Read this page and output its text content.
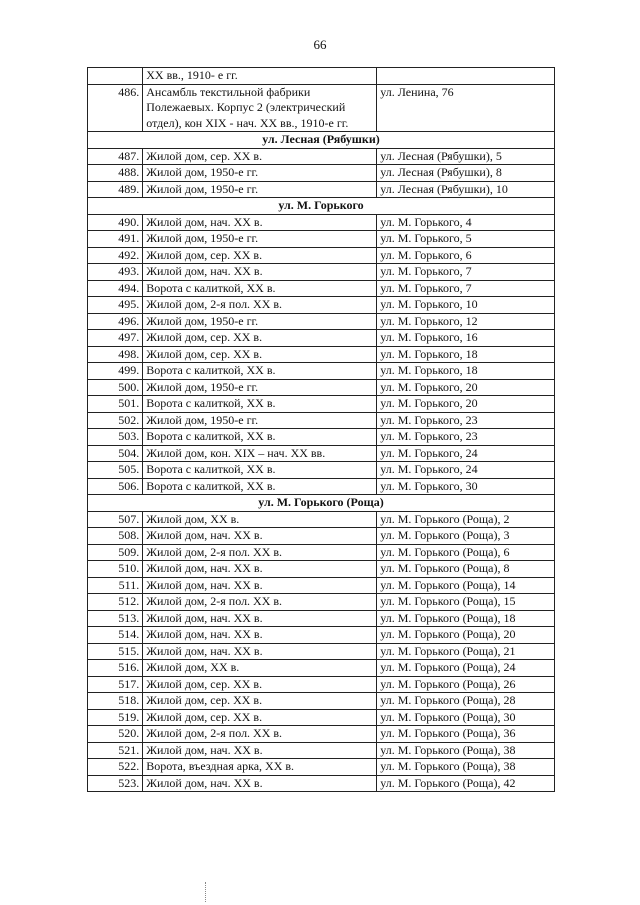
66
	XX вв., 1910- е гг.	
486.	Ансамбль текстильной фабрики Полежаевых. Корпус 2 (электрический отдел), кон XIX - нач. XX вв., 1910-е гг.	ул. Ленина, 76
ул. Лесная (Рябушки)		
487.	Жилой дом, сер. XX в.	ул. Лесная (Рябушки), 5
488.	Жилой дом, 1950-е гг.	ул. Лесная (Рябушки), 8
489.	Жилой дом, 1950-е гг.	ул. Лесная (Рябушки), 10
ул. М. Горького		
490.	Жилой дом, нач. XX в.	ул. М. Горького, 4
491.	Жилой дом, 1950-е гг.	ул. М. Горького, 5
492.	Жилой дом, сер. XX в.	ул. М. Горького, 6
493.	Жилой дом, нач. XX в.	ул. М. Горького, 7
494.	Ворота с калиткой, XX в.	ул. М. Горького, 7
495.	Жилой дом, 2-я пол. XX в.	ул. М. Горького, 10
496.	Жилой дом, 1950-е гг.	ул. М. Горького, 12
497.	Жилой дом, сер. XX в.	ул. М. Горького, 16
498.	Жилой дом, сер. XX в.	ул. М. Горького, 18
499.	Ворота с калиткой, XX в.	ул. М. Горького, 18
500.	Жилой дом, 1950-е гг.	ул. М. Горького, 20
501.	Ворота с калиткой, XX в.	ул. М. Горького, 20
502.	Жилой дом, 1950-е гг.	ул. М. Горького, 23
503.	Ворота с калиткой, XX в.	ул. М. Горького, 23
504.	Жилой дом, кон. XIX – нач. XX вв.	ул. М. Горького, 24
505.	Ворота с калиткой, XX в.	ул. М. Горького, 24
506.	Ворота с калиткой, XX в.	ул. М. Горького, 30
ул. М. Горького (Роща)		
507.	Жилой дом, XX в.	ул. М. Горького (Роща), 2
508.	Жилой дом, нач. XX в.	ул. М. Горького (Роща), 3
509.	Жилой дом, 2-я пол. XX в.	ул. М. Горького (Роща), 6
510.	Жилой дом, нач. XX в.	ул. М. Горького (Роща), 8
511.	Жилой дом, нач. XX в.	ул. М. Горького (Роща), 14
512.	Жилой дом, 2-я пол. XX в.	ул. М. Горького (Роща), 15
513.	Жилой дом, нач. XX в.	ул. М. Горького (Роща), 18
514.	Жилой дом, нач. XX в.	ул. М. Горького (Роща), 20
515.	Жилой дом, нач. XX в.	ул. М. Горького (Роща), 21
516.	Жилой дом, XX в.	ул. М. Горького (Роща), 24
517.	Жилой дом, сер. XX в.	ул. М. Горького (Роща), 26
518.	Жилой дом, сер. XX в.	ул. М. Горького (Роща), 28
519.	Жилой дом, сер. XX в.	ул. М. Горького (Роща), 30
520.	Жилой дом, 2-я пол. XX в.	ул. М. Горького (Роща), 36
521.	Жилой дом, нач. XX в.	ул. М. Горького (Роща), 38
522.	Ворота, въездная арка, XX в.	ул. М. Горького (Роща), 38
523.	Жилой дом, нач. XX в.	ул. М. Горького (Роща), 42
